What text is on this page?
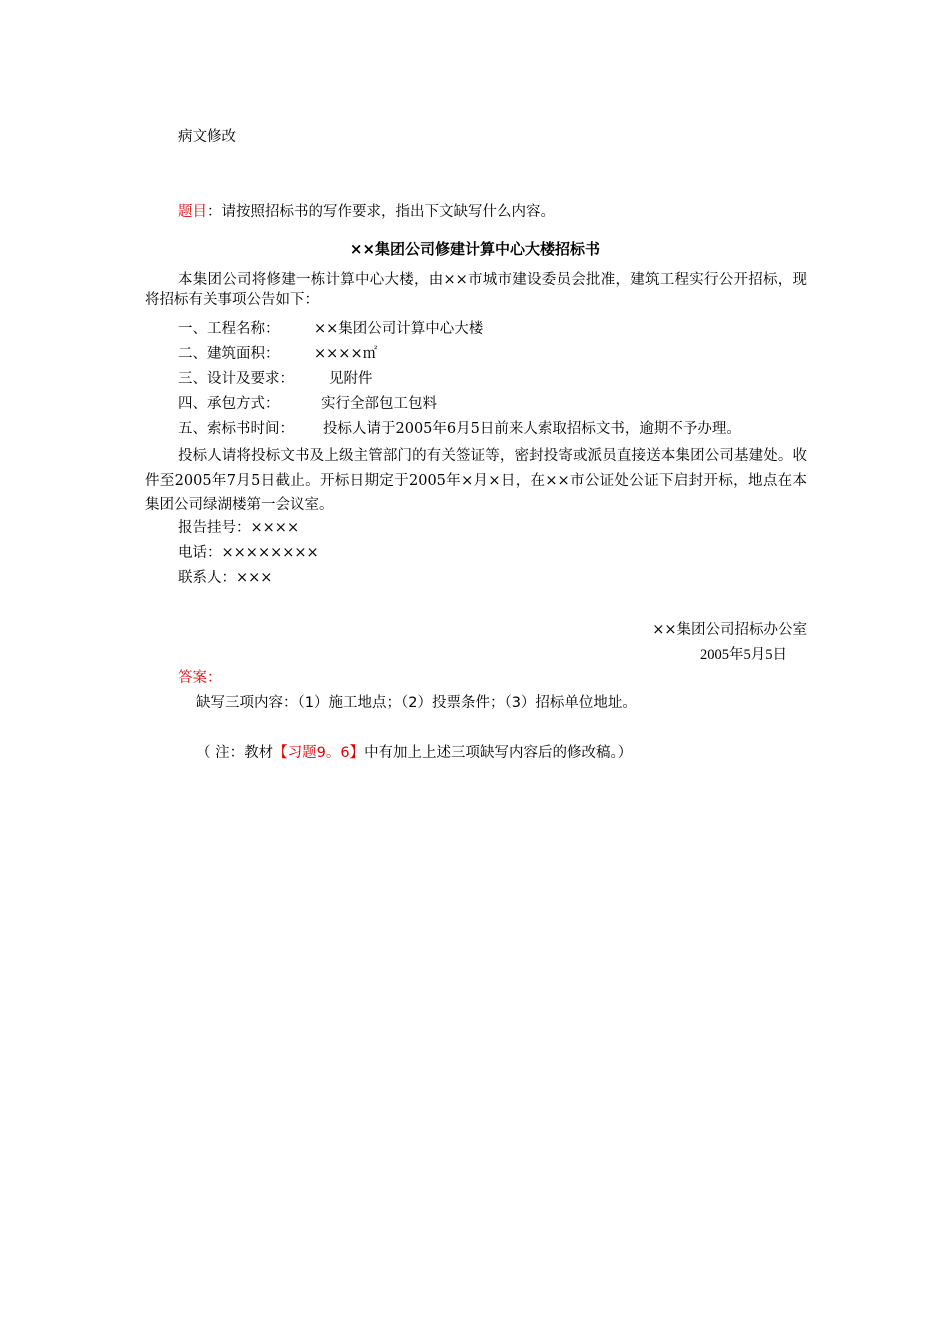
病文修改
题目：请按照招标书的写作要求，指出下文缺写什么内容。
××集团公司修建计算中心大楼招标书
本集团公司将修建一栋计算中心大楼，由××市城市建设委员会批准，建筑工程实行公开招标，现将招标有关事项公告如下：
一、工程名称： ××集团公司计算中心大楼
二、建筑面积： ××××㎡
三、设计及要求： 见附件
四、承包方式：	实行全部包工包料
五、索标书时间： 投标人请于2005年6月5日前来人索取招标文书，逾期不予办理。
投标人请将投标文书及上级主管部门的有关签证等，密封投寄或派员直接送本集团公司基建处。收件至2005年7月5日截止。开标日期定于2005年×月×日，在××市公证处公证下启封开标，地点在本集团公司绿湖楼第一会议室。
报告挂号：××××
电话：××××××××
联系人：×××
××集团公司招标办公室
2005年5月5日
答案：
缺写三项内容：（1）施工地点；（2）投票条件；（3）招标单位地址。
（ 注：教材【习题9。6】中有加上上述三项缺写内容后的修改稿。）
